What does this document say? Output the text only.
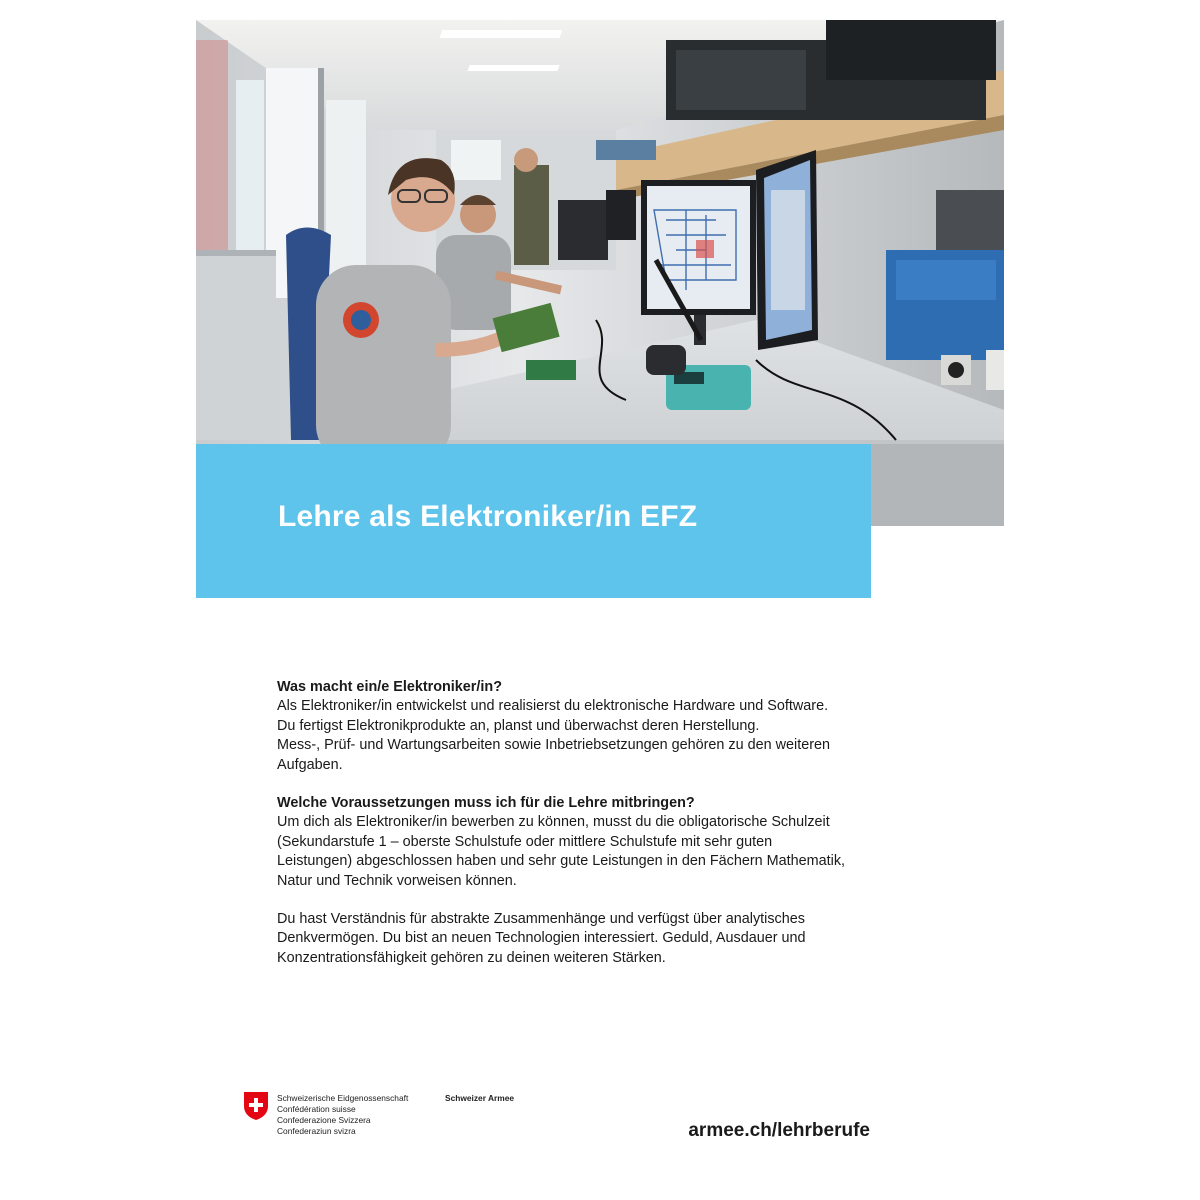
Lehre als Elektroniker/in EFZ
Was macht ein/e Elektroniker/in?

Als Elektroniker/in entwickelst und realisierst du elektronische Hardware und Software.

Du fertigst Elektronikprodukte an, planst und überwachst deren Herstellung.

Mess-, Prüf- und Wartungsarbeiten sowie Inbetriebsetzungen gehören zu den weiteren

Aufgaben.

Welche Voraussetzungen muss ich für die Lehre mitbringen?

Um dich als Elektroniker/in bewerben zu können, musst du die obligatorische Schulzeit

(Sekundarstufe 1 – oberste Schulstufe oder mittlere Schulstufe mit sehr guten

Leistungen) abgeschlossen haben und sehr gute Leistungen in den Fächern Mathematik,

Natur und Technik vorweisen können.

Du hast Verständnis für abstrakte Zusammenhänge und verfügst über analytisches

Denkvermögen. Du bist an neuen Technologien interessiert. Geduld, Ausdauer und

Konzentrationsfähigkeit gehören zu deinen weiteren Stärken.

Schweizerische Eidgenossenschaft
Confédération suisse
Confederazione Svizzera
Confederaziun svizra
Schweizer Armee
armee.ch/lehrberufe
